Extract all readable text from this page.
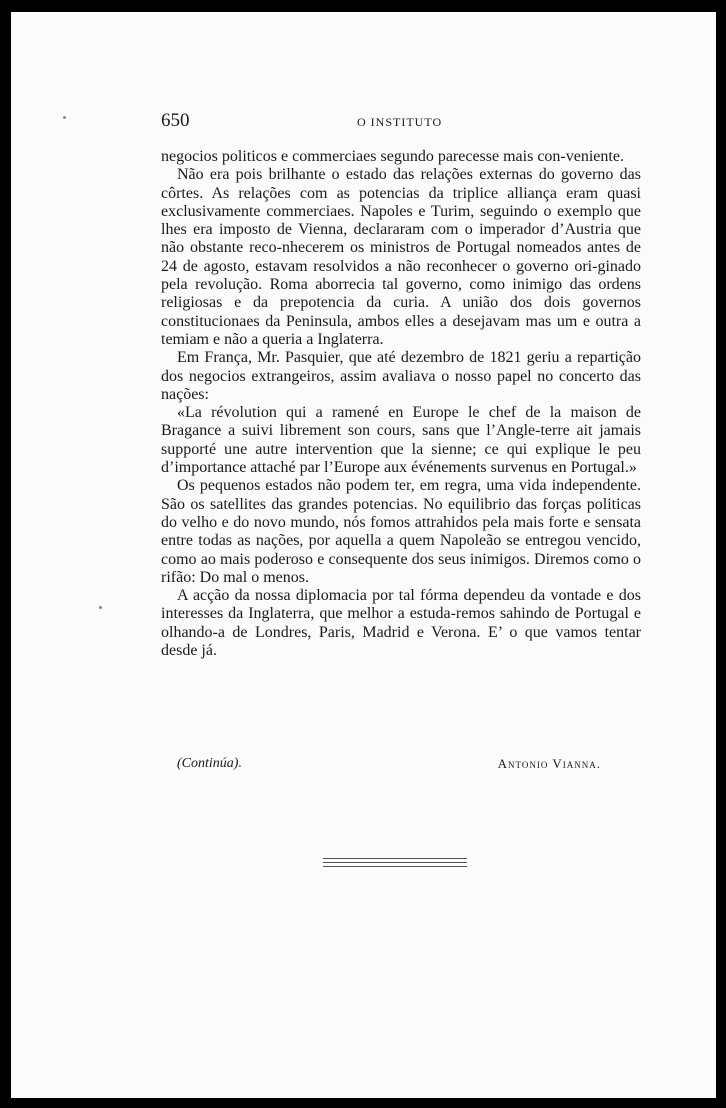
650	O INSTITUTO

negocios politicos e commerciaes segundo parecesse mais con-veniente.

Não era pois brilhante o estado das relações externas do governo das côrtes. As relações com as potencias da triplice alliança eram quasi exclusivamente commerciaes. Napoles e Turim, seguindo o exemplo que lhes era imposto de Vienna, declararam com o imperador d’Austria que não obstante reco-nhecerem os ministros de Portugal nomeados antes de 24 de agosto, estavam resolvidos a não reconhecer o governo ori-ginado pela revolução. Roma aborrecia tal governo, como inimigo das ordens religiosas e da prepotencia da curia. A união dos dois governos constitucionaes da Peninsula, ambos elles a desejavam mas um e outra a temiam e não a queria a Inglaterra.

Em França, Mr. Pasquier, que até dezembro de 1821 geriu a repartição dos negocios extrangeiros, assim avaliava o nosso papel no concerto das nações:

«La révolution qui a ramené en Europe le chef de la maison de Bragance a suivi librement son cours, sans que l’Angle-terre ait jamais supporté une autre intervention que la sienne; ce qui explique le peu d’importance attaché par l’Europe aux événements survenus en Portugal.»

Os pequenos estados não podem ter, em regra, uma vida independente. São os satellites das grandes potencias. No equilibrio das forças politicas do velho e do novo mundo, nós fomos attrahidos pela mais forte e sensata entre todas as nações, por aquella a quem Napoleão se entregou vencido, como ao mais poderoso e consequente dos seus inimigos. Diremos como o rifão: Do mal o menos.

A acção da nossa diplomacia por tal fórma dependeu da vontade e dos interesses da Inglaterra, que melhor a estuda-remos sahindo de Portugal e olhando-a de Londres, Paris, Madrid e Verona. E’ o que vamos tentar desde já.

(Continúa).	Antonio Vianna.
